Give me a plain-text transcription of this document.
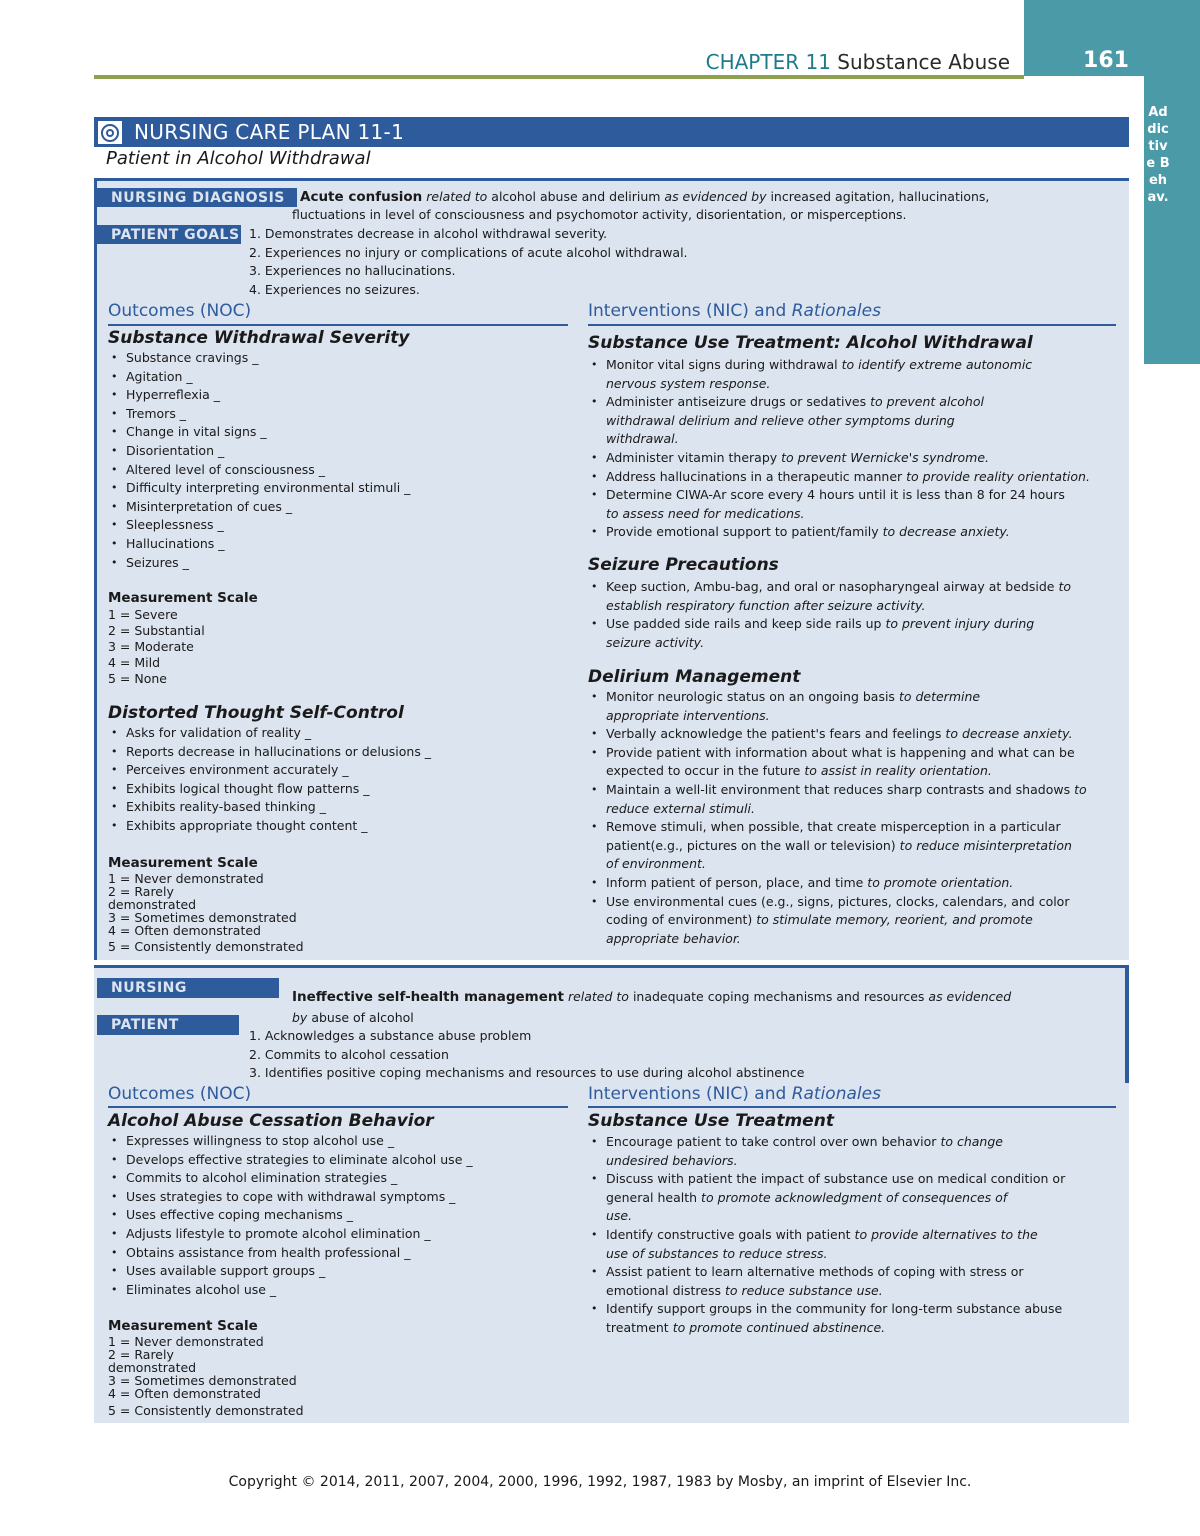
161
Addictive Behav.
CHAPTER 11 Substance Abuse
NURSING CARE PLAN 11-1
Patient in Alcohol Withdrawal
NURSING DIAGNOSIS	Acute confusion related to alcohol abuse and delirium as evidenced by increased agitation, hallucinations,
fluctuations in level of consciousness and psychomotor activity, disorientation, or misperceptions.
PATIENT GOALS 1. Demonstrates decrease in alcohol withdrawal severity.
2. Experiences no injury or complications of acute alcohol withdrawal.
3. Experiences no hallucinations.
4. Experiences no seizures.
Outcomes (NOC)	Interventions (NIC) and Rationales
Substance Withdrawal Severity
• Substance cravings _
• Agitation _
• Hyperreflexia _
• Tremors _
• Change in vital signs _
• Disorientation _
• Altered level of consciousness _
• Difficulty interpreting environmental stimuli _
• Misinterpretation of cues _
• Sleeplessness _
• Hallucinations _
• Seizures _
Measurement Scale
1 = Severe
2 = Substantial
3 = Moderate
4 = Mild
5 = None
Distorted Thought Self-Control
• Asks for validation of reality _
• Reports decrease in hallucinations or delusions _
• Perceives environment accurately _
• Exhibits logical thought flow patterns _
• Exhibits reality-based thinking _
• Exhibits appropriate thought content _
Measurement Scale
1 = Never demonstrated
2 = Rarely
demonstrated
3 = Sometimes demonstrated
4 = Often demonstrated
5 = Consistently demonstrated
Substance Use Treatment: Alcohol Withdrawal
• Monitor vital signs during withdrawal to identify extreme autonomic
nervous system response.
• Administer antiseizure drugs or sedatives to prevent alcohol
withdrawal delirium and relieve other symptoms during
withdrawal.
• Administer vitamin therapy to prevent Wernicke's syndrome.
• Address hallucinations in a therapeutic manner to provide reality orientation.
• Determine CIWA-Ar score every 4 hours until it is less than 8 for 24 hours
to assess need for medications.
• Provide emotional support to patient/family to decrease anxiety.
Seizure Precautions
• Keep suction, Ambu-bag, and oral or nasopharyngeal airway at bedside to
establish respiratory function after seizure activity.
• Use padded side rails and keep side rails up to prevent injury during
seizure activity.
Delirium Management
• Monitor neurologic status on an ongoing basis to determine
appropriate interventions.
• Verbally acknowledge the patient's fears and feelings to decrease anxiety.
• Provide patient with information about what is happening and what can be
expected to occur in the future to assist in reality orientation.
• Maintain a well-lit environment that reduces sharp contrasts and shadows to
reduce external stimuli.
• Remove stimuli, when possible, that create misperception in a particular
patient(e.g., pictures on the wall or television) to reduce misinterpretation
of environment.
• Inform patient of person, place, and time to promote orientation.
• Use environmental cues (e.g., signs, pictures, clocks, calendars, and color
coding of environment) to stimulate memory, reorient, and promote
appropriate behavior.
NURSING DIAGNOSIS	Ineffective self-health management related to inadequate coping mechanisms and resources as evidenced
by abuse of alcohol
PATIENT GOALS	1. Acknowledges a substance abuse problem
2. Commits to alcohol cessation
3. Identifies positive coping mechanisms and resources to use during alcohol abstinence
Outcomes (NOC)	Interventions (NIC) and Rationales
Alcohol Abuse Cessation Behavior
• Expresses willingness to stop alcohol use _
• Develops effective strategies to eliminate alcohol use _
• Commits to alcohol elimination strategies _
• Uses strategies to cope with withdrawal symptoms _
• Uses effective coping mechanisms _
• Adjusts lifestyle to promote alcohol elimination _
• Obtains assistance from health professional _
• Uses available support groups _
• Eliminates alcohol use _
Measurement Scale
1 = Never demonstrated
2 = Rarely
demonstrated
3 = Sometimes demonstrated
4 = Often demonstrated
5 = Consistently demonstrated
Substance Use Treatment
• Encourage patient to take control over own behavior to change
undesired behaviors.
• Discuss with patient the impact of substance use on medical condition or
general health to promote acknowledgment of consequences of
use.
• Identify constructive goals with patient to provide alternatives to the
use of substances to reduce stress.
• Assist patient to learn alternative methods of coping with stress or
emotional distress to reduce substance use.
• Identify support groups in the community for long-term substance abuse
treatment to promote continued abstinence.
Copyright © 2014, 2011, 2007, 2004, 2000, 1996, 1992, 1987, 1983 by Mosby, an imprint of Elsevier Inc.
